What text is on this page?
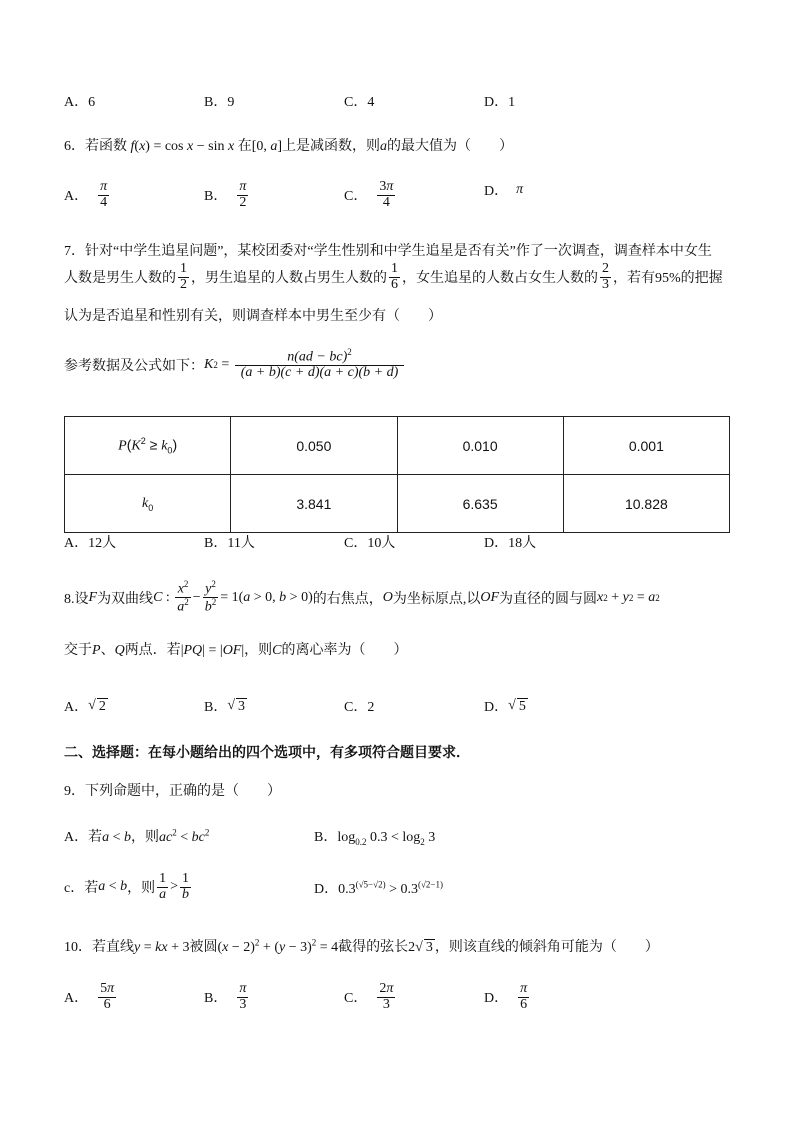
A．6	B．9	C．4	D．1
6．若函数 f(x) = cos x − sin x 在[0, a]上是减函数，则a的最大值为（　　）
A． $\frac{\pi}{4}$	B． $\frac{\pi}{2}$	C． $\frac{3\pi}{4}$	D． π
7．针对“中学生追星问题”，某校团委对“学生性别和中学生追星是否有关”作了一次调查，调查样本中女生
人数是男生人数的 $\frac{1}{2}$ ，男生追星的人数占男生人数的 $\frac{1}{6}$ ，女生追星的人数占女生人数的 $\frac{2}{3}$ ，若有95%的把握
认为是否追星和性别有关，则调查样本中男生至少有（　　）
参考数据及公式如下： K $2 = \frac{n(ad - bc)^2}{(a + b)(c + d)(a + c)(b + d)}$
$P(K^2 \ge k_0)$	0.050	0.010	0.001
$k_0$	3.841	6.635	10.828
A．12人	B．11人	C．10人	D．18人
8.设 F 为双曲线 C : $\frac{x^2}{a^2} - \frac{y^2}{b^2} = 1$( a > 0, b > 0) 的右焦点， O 为坐标原点,以 OF 为直径的圆与圆 x 2 + y 2 = a 2
交于P、Q两点．若|PQ| = |OF|，则C的离心率为（　　）
A． √ 2	B． √ 3	C．2	D． √ 5
二、选择题：在每小题给出的四个选项中，有多项符合题目要求．
9．下列命题中，正确的是（　　）
A．若a < b，则$ac^2 < bc^2$	B．$\log_{0.2} 0.3 < \log_2 3$
c．若 a < b ，则 $\frac{1}{a} > \frac{1}{b}$	D．$0.3^{(√5-√2)} > 0.3^{(√2-1)}$
10．若直线y = kx + 3被圆$(x - 2)^2 + (y - 3)^2 = 4$截得的弦长2√ 3 ，则该直线的倾斜角可能为（　　）
A． $\frac{5\pi}{6}$	B． $\frac{\pi}{3}$	C． $\frac{2\pi}{3}$	D． $\frac{\pi}{6}$
